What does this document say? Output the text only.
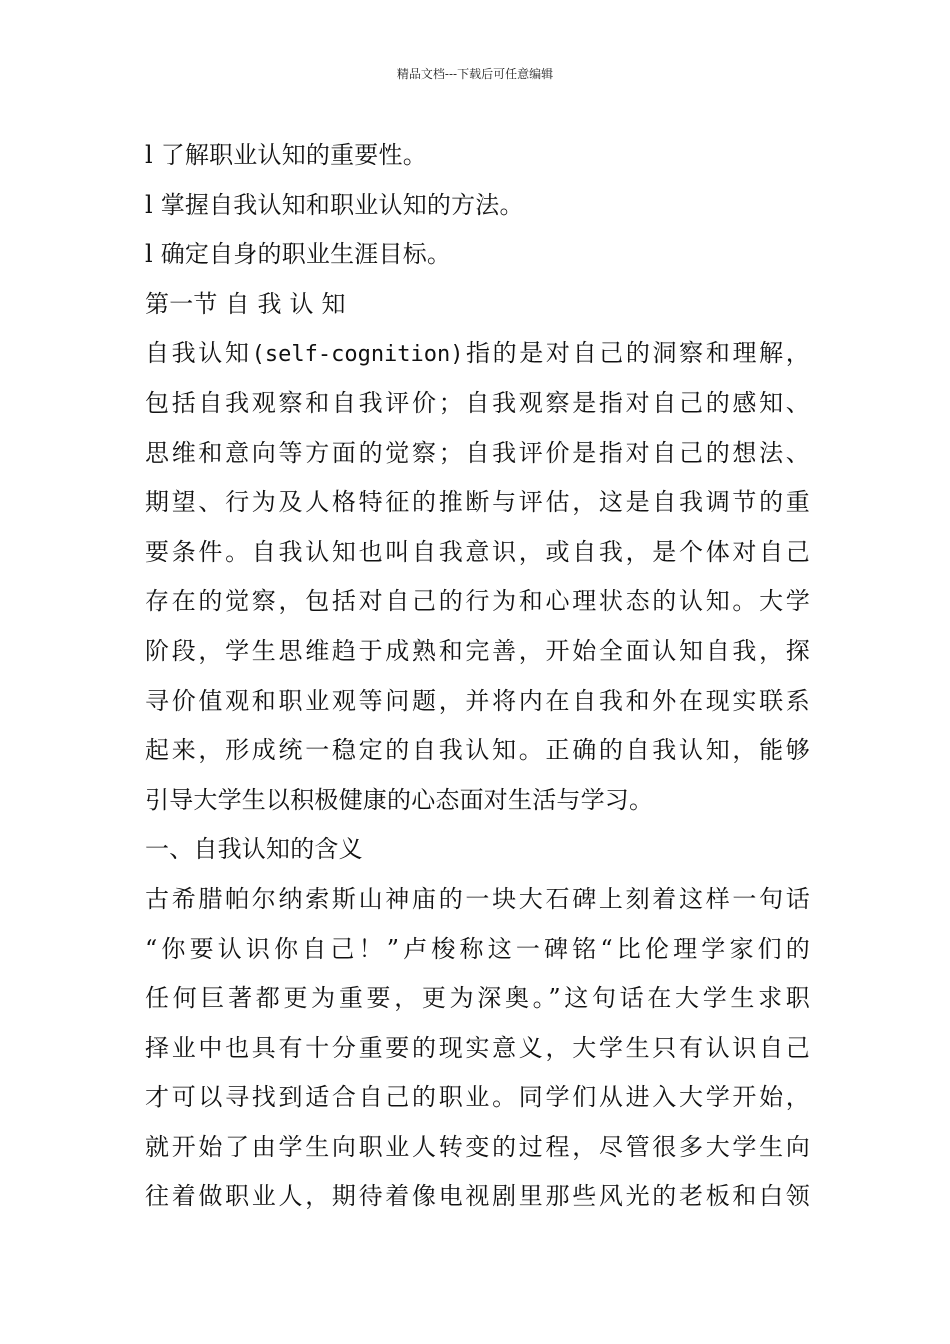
精品文档---下载后可任意编辑
l 了解职业认知的重要性。
l 掌握自我认知和职业认知的方法。
l 确定自身的职业生涯目标。
第一节 自 我 认 知
自我认知(self-cognition)指的是对自己的洞察和理解，
包括自我观察和自我评价；自我观察是指对自己的感知、
思维和意向等方面的觉察；自我评价是指对自己的想法、
期望、行为及人格特征的推断与评估，这是自我调节的重
要条件。自我认知也叫自我意识，或自我，是个体对自己
存在的觉察，包括对自己的行为和心理状态的认知。大学
阶段，学生思维趋于成熟和完善，开始全面认知自我，探
寻价值观和职业观等问题，并将内在自我和外在现实联系
起来，形成统一稳定的自我认知。正确的自我认知，能够
引导大学生以积极健康的心态面对生活与学习。
一、自我认知的含义
古希腊帕尔纳索斯山神庙的一块大石碑上刻着这样一句话
“你要认识你自己！”卢梭称这一碑铭“比伦理学家们的
任何巨著都更为重要，更为深奥。”这句话在大学生求职
择业中也具有十分重要的现实意义，大学生只有认识自己
才可以寻找到适合自己的职业。同学们从进入大学开始，
就开始了由学生向职业人转变的过程，尽管很多大学生向
往着做职业人，期待着像电视剧里那些风光的老板和白领
